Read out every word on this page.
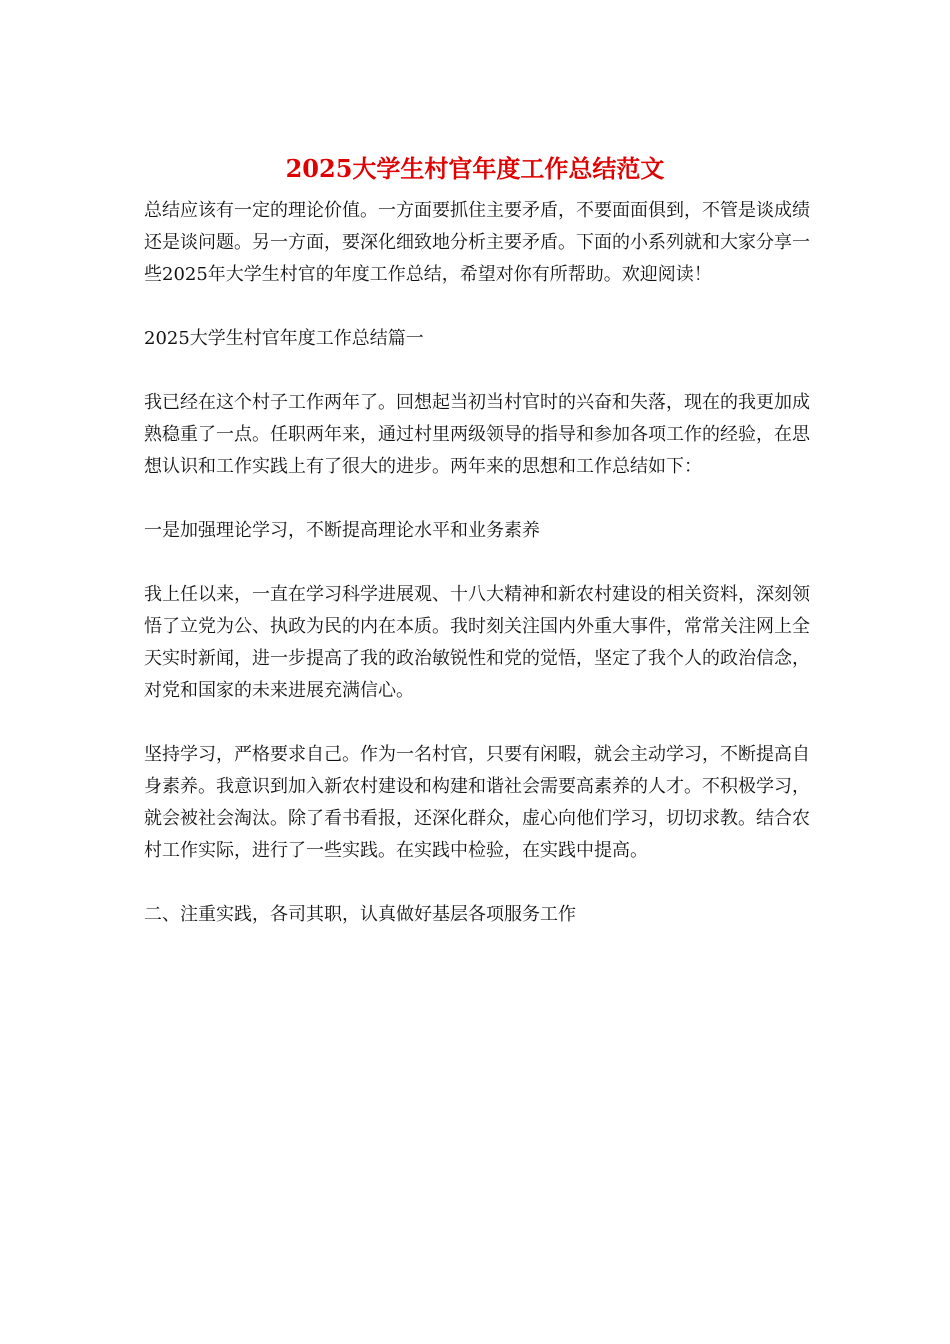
2025大学生村官年度工作总结范文

总结应该有一定的理论价值。一方面要抓住主要矛盾，不要面面俱到，不管是谈成绩还是谈问题。另一方面，要深化细致地分析主要矛盾。下面的小系列就和大家分享一些2025年大学生村官的年度工作总结，希望对你有所帮助。欢迎阅读！

2025大学生村官年度工作总结篇一

我已经在这个村子工作两年了。回想起当初当村官时的兴奋和失落，现在的我更加成熟稳重了一点。任职两年来，通过村里两级领导的指导和参加各项工作的经验，在思想认识和工作实践上有了很大的进步。两年来的思想和工作总结如下：

一是加强理论学习，不断提高理论水平和业务素养

我上任以来，一直在学习科学进展观、十八大精神和新农村建设的相关资料，深刻领悟了立党为公、执政为民的内在本质。我时刻关注国内外重大事件，常常关注网上全天实时新闻，进一步提高了我的政治敏锐性和党的觉悟，坚定了我个人的政治信念，对党和国家的未来进展充满信心。

坚持学习，严格要求自己。作为一名村官，只要有闲暇，就会主动学习，不断提高自身素养。我意识到加入新农村建设和构建和谐社会需要高素养的人才。不积极学习，就会被社会淘汰。除了看书看报，还深化群众，虚心向他们学习，切切求教。结合农村工作实际，进行了一些实践。在实践中检验，在实践中提高。

二、注重实践，各司其职，认真做好基层各项服务工作
